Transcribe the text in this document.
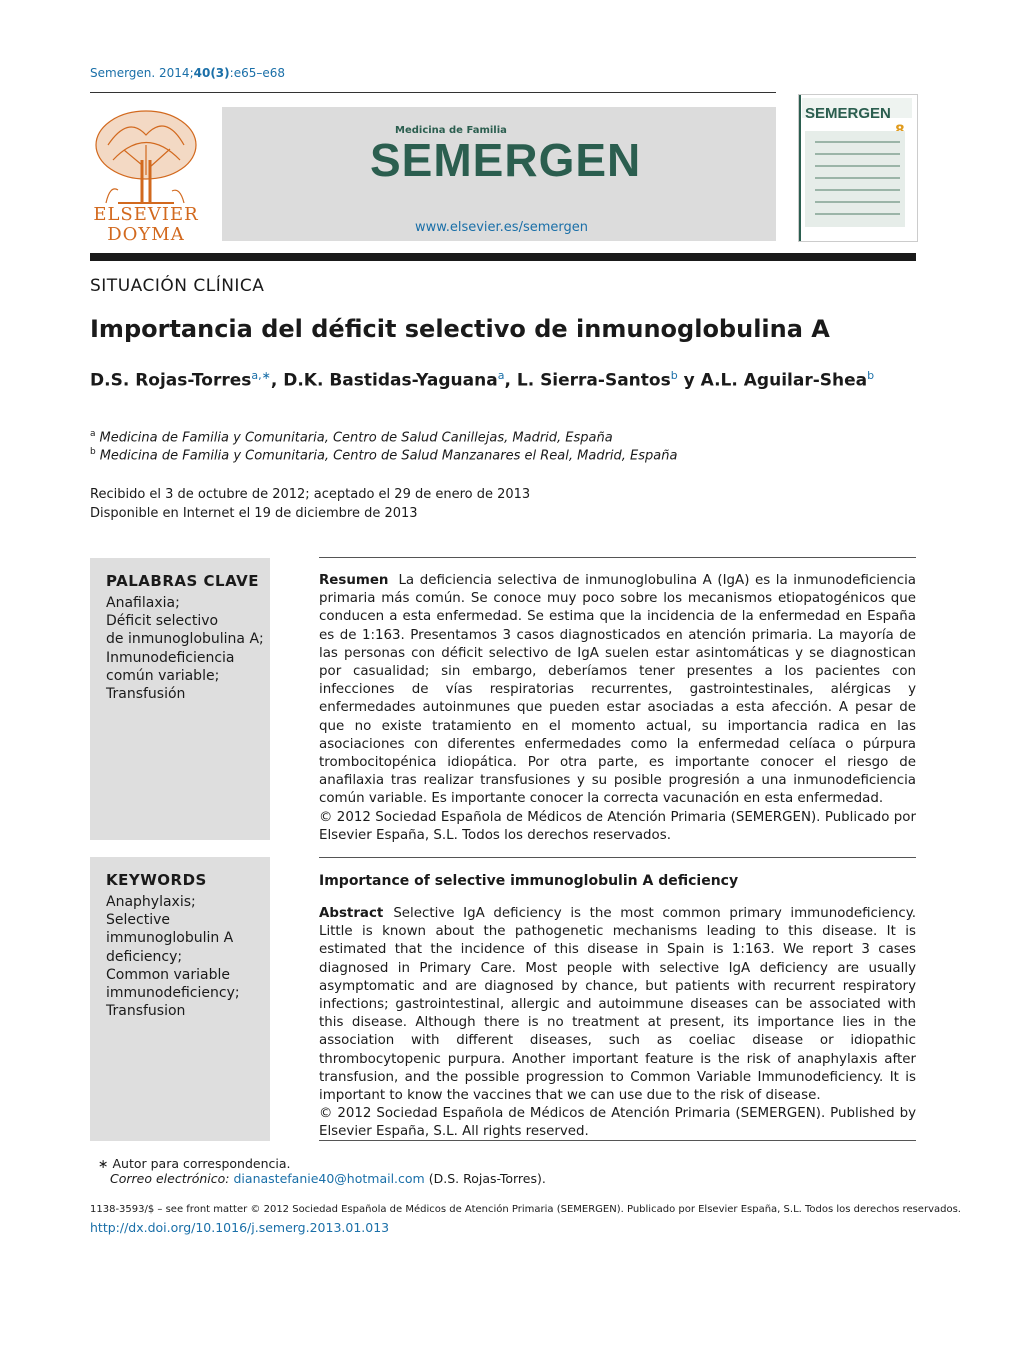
Semergen. 2014;40(3):e65–e68
ELSEVIER
DOYMA
Medicina de Familia
SEMERGEN
www.elsevier.es/semergen
SEMERGEN
SITUACIÓN CLÍNICA
Importancia del déficit selectivo de inmunoglobulina A
D.S. Rojas-Torres$^{a,∗}$, D.K. Bastidas-Yaguana$^a$, L. Sierra-Santos$^b$ y A.L. Aguilar-Shea$^b$
$^a$ Medicina de Familia y Comunitaria, Centro de Salud Canillejas, Madrid, España
$^b$ Medicina de Familia y Comunitaria, Centro de Salud Manzanares el Real, Madrid, España
Recibido el 3 de octubre de 2012; aceptado el 29 de enero de 2013
Disponible en Internet el 19 de diciembre de 2013
PALABRAS CLAVE
Anafilaxia;
Déficit selectivo
de inmunoglobulina A;
Inmunodeficiencia
común variable;
Transfusión
Resumen La deficiencia selectiva de inmunoglobulina A (IgA) es la inmunodeficiencia primaria más común. Se conoce muy poco sobre los mecanismos etiopatogénicos que conducen a esta enfermedad. Se estima que la incidencia de la enfermedad en España es de 1:163. Presentamos 3 casos diagnosticados en atención primaria. La mayoría de las personas con déficit selectivo de IgA suelen estar asintomáticas y se diagnostican por casualidad; sin embargo, deberíamos tener presentes a los pacientes con infecciones de vías respiratorias recurrentes, gastrointestinales, alérgicas y enfermedades autoinmunes que pueden estar asociadas a esta afección. A pesar de que no existe tratamiento en el momento actual, su importancia radica en las asociaciones con diferentes enfermedades como la enfermedad celíaca o púrpura trombocitopénica idiopática. Por otra parte, es importante conocer el riesgo de anafilaxia tras realizar transfusiones y su posible progresión a una inmunodeficiencia común variable. Es importante conocer la correcta vacunación en esta enfermedad.
© 2012 Sociedad Española de Médicos de Atención Primaria (SEMERGEN). Publicado por Elsevier España, S.L. Todos los derechos reservados.
KEYWORDS
Anaphylaxis;
Selective
immunoglobulin A
deficiency;
Common variable
immunodeficiency;
Transfusion
Importance of selective immunoglobulin A deficiency
Abstract Selective IgA deficiency is the most common primary immunodeficiency. Little is known about the pathogenetic mechanisms leading to this disease. It is estimated that the incidence of this disease in Spain is 1:163. We report 3 cases diagnosed in Primary Care. Most people with selective IgA deficiency are usually asymptomatic and are diagnosed by chance, but patients with recurrent respiratory infections; gastrointestinal, allergic and autoimmune diseases can be associated with this disease. Although there is no treatment at present, its importance lies in the association with different diseases, such as coeliac disease or idiopathic thrombocytopenic purpura. Another important feature is the risk of anaphylaxis after transfusion, and the possible progression to Common Variable Immunodeficiency. It is important to know the vaccines that we can use due to the risk of disease.
© 2012 Sociedad Española de Médicos de Atención Primaria (SEMERGEN). Published by Elsevier España, S.L. All rights reserved.
∗ Autor para correspondencia.
Correo electrónico: dianastefanie40@hotmail.com (D.S. Rojas-Torres).
1138-3593/$ – see front matter © 2012 Sociedad Española de Médicos de Atención Primaria (SEMERGEN). Publicado por Elsevier España, S.L. Todos los derechos reservados.
http://dx.doi.org/10.1016/j.semerg.2013.01.013
